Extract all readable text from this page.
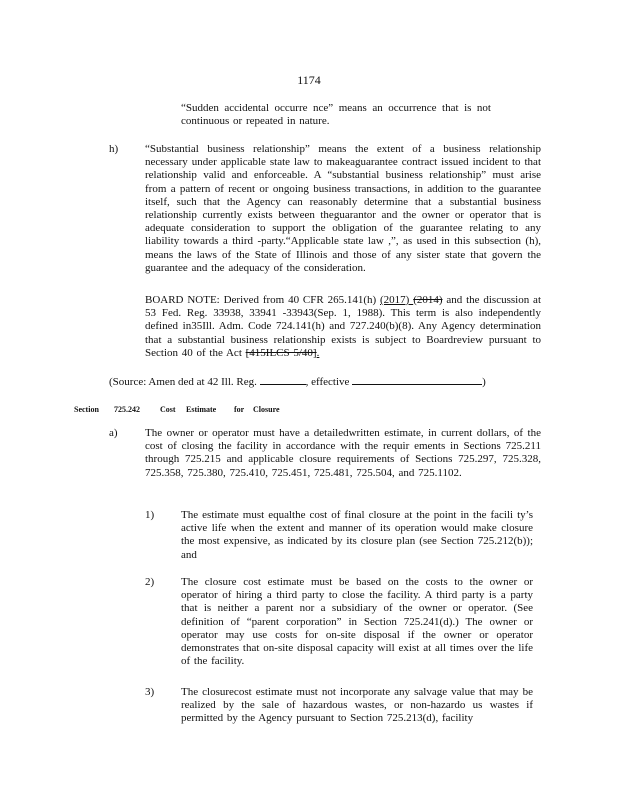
1174
“Sudden accidental occurre nce” means an occurrence that is not continuous or repeated in nature.
h) “Substantial business relationship” means the extent of a business relationship necessary under applicable state law to makeaguarantee contract issued incident to that relationship valid and enforceable. A “substantial business relationship” must arise from a pattern of recent or ongoing business transactions, in addition to the guarantee itself, such that the Agency can reasonably determine that a substantial business relationship currently exists between theguarantor and the owner or operator that is adequate consideration to support the obligation of the guarantee relating to any liability towards a third -party.“Applicable state law ,”, as used in this subsection (h), means the laws of the State of Illinois and those of any sister state that govern the guarantee and the adequacy of the consideration.
BOARD NOTE: Derived from 40 CFR 265.141(h) (2017) (2014) and the discussion at 53 Fed. Reg. 33938, 33941 -33943(Sep. 1, 1988). This term is also independently defined in35Ill. Adm. Code 724.141(h) and 727.240(b)(8). Any Agency determination that a substantial business relationship exists is subject to Boardreview pursuant to Section 40 of the Act [415ILCS 5/40].
(Source: Amen ded at 42 Ill. Reg.	, effective	)
Section 725.242	Cost Estimate for Closure
a) The owner or operator must have a detailedwritten estimate, in current dollars, of the cost of closing the facility in accordance with the requir ements in Sections 725.211 through 725.215 and applicable closure requirements of Sections 725.297, 725.328, 725.358, 725.380, 725.410, 725.451, 725.481, 725.504, and 725.1102.
1) The estimate must equalthe cost of final closure at the point in the facili ty’s active life when the extent and manner of its operation would make closure the most expensive, as indicated by its closure plan (see Section 725.212(b)); and
2) The closure cost estimate must be based on the costs to the owner or operator of hiring a third party to close the facility. A third party is a party that is neither a parent nor a subsidiary of the owner or operator. (See definition of “parent corporation” in Section 725.241(d).) The owner or operator may use costs for on-site disposal if the owner or operator demonstrates that on-site disposal capacity will exist at all times over the life of the facility.
3) The closurecost estimate must not incorporate any salvage value that may be realized by the sale of hazardous wastes, or non-hazardo us wastes if permitted by the Agency pursuant to Section 725.213(d), facility
